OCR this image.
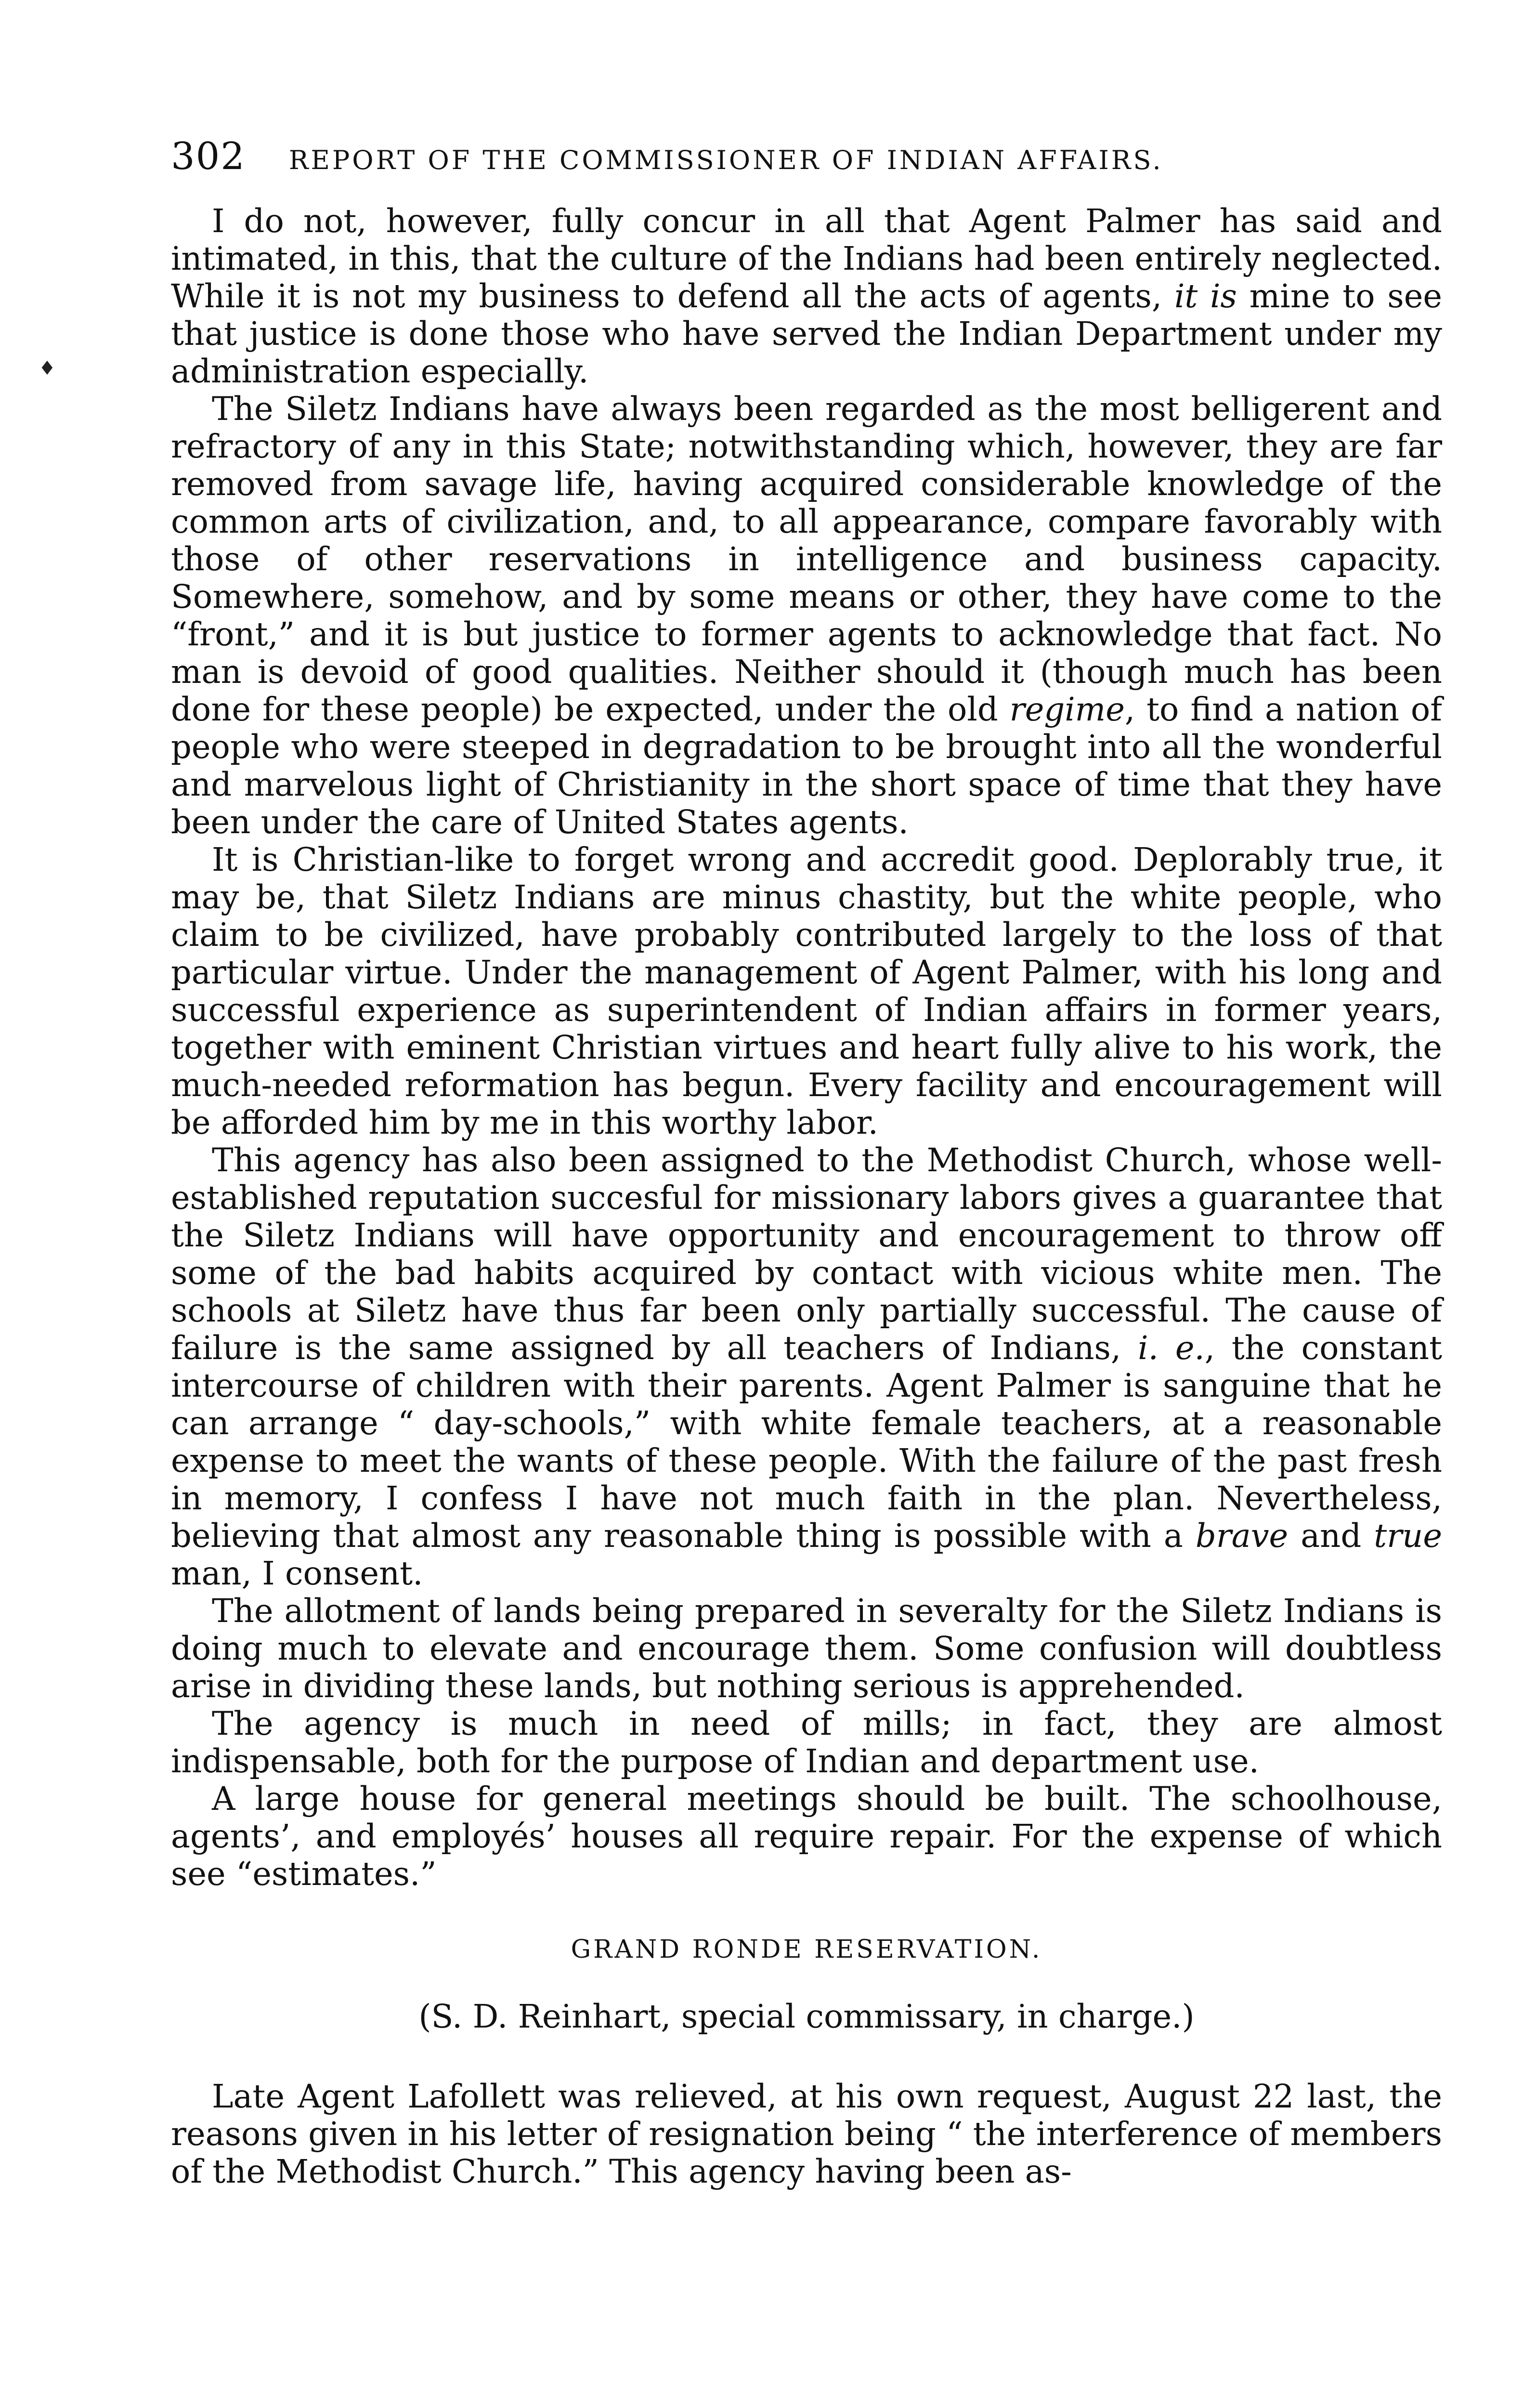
302 REPORT OF THE COMMISSIONER OF INDIAN AFFAIRS.

I do not, however, fully concur in all that Agent Palmer has said and intimated, in this, that the culture of the Indians had been entirely neglected. While it is not my business to defend all the acts of agents, it is mine to see that justice is done those who have served the Indian Department under my administration especially.

The Siletz Indians have always been regarded as the most belligerent and refractory of any in this State; notwithstanding which, however, they are far removed from savage life, having acquired considerable knowledge of the common arts of civilization, and, to all appearance, compare favorably with those of other reservations in intelligence and business capacity. Somewhere, somehow, and by some means or other, they have come to the “front,” and it is but justice to former agents to acknowledge that fact. No man is devoid of good qualities. Neither should it (though much has been done for these people) be expected, under the old regime, to find a nation of people who were steeped in degradation to be brought into all the wonderful and marvelous light of Christianity in the short space of time that they have been under the care of United States agents.

It is Christian-like to forget wrong and accredit good. Deplorably true, it may be, that Siletz Indians are minus chastity, but the white people, who claim to be civilized, have probably contributed largely to the loss of that particular virtue. Under the management of Agent Palmer, with his long and successful experience as superintendent of Indian affairs in former years, together with eminent Christian virtues and heart fully alive to his work, the much-needed reformation has begun. Every facility and encouragement will be afforded him by me in this worthy labor.

This agency has also been assigned to the Methodist Church, whose well-established reputation succesful for missionary labors gives a guarantee that the Siletz Indians will have opportunity and encouragement to throw off some of the bad habits acquired by contact with vicious white men. The schools at Siletz have thus far been only partially successful. The cause of failure is the same assigned by all teachers of Indians, i. e., the constant intercourse of children with their parents. Agent Palmer is sanguine that he can arrange “ day-schools,” with white female teachers, at a reasonable expense to meet the wants of these people. With the failure of the past fresh in memory, I confess I have not much faith in the plan. Nevertheless, believing that almost any reasonable thing is possible with a brave and true man, I consent.

The allotment of lands being prepared in severalty for the Siletz Indians is doing much to elevate and encourage them. Some confusion will doubtless arise in dividing these lands, but nothing serious is apprehended.

The agency is much in need of mills; in fact, they are almost indispensable, both for the purpose of Indian and department use.

A large house for general meetings should be built. The schoolhouse, agents’, and employés’ houses all require repair. For the expense of which see “estimates.”

GRAND RONDE RESERVATION.
(S. D. Reinhart, special commissary, in charge.)

Late Agent Lafollett was relieved, at his own request, August 22 last, the reasons given in his letter of resignation being “ the interference of members of the Methodist Church.” This agency having been as-

♦
